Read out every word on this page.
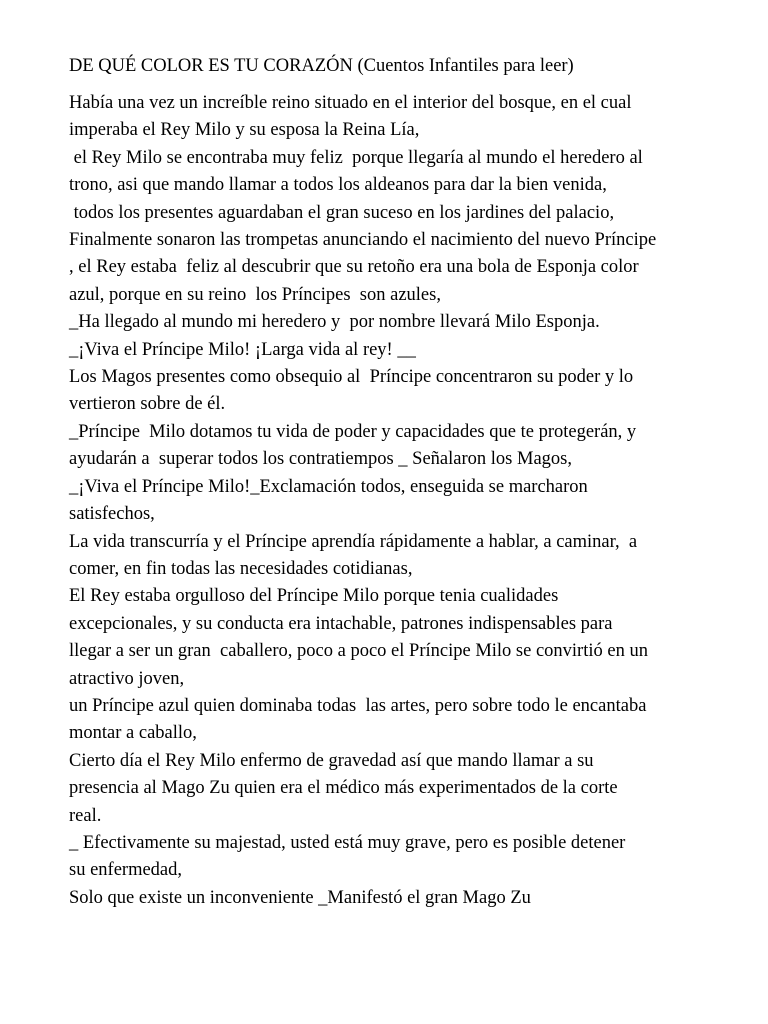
DE QUÉ COLOR ES TU CORAZÓN (Cuentos Infantiles para leer)
Había una vez un increíble reino situado en el interior del bosque, en el cual
imperaba el Rey Milo y su esposa la Reina Lía,
el Rey Milo se encontraba muy feliz  porque llegaría al mundo el heredero al
trono, asi que mando llamar a todos los aldeanos para dar la bien venida,
todos los presentes aguardaban el gran suceso en los jardines del palacio,
Finalmente sonaron las trompetas anunciando el nacimiento del nuevo Príncipe
, el Rey estaba  feliz al descubrir que su retoño era una bola de Esponja color
azul, porque en su reino  los Príncipes  son azules,
_Ha llegado al mundo mi heredero y  por nombre llevará Milo Esponja.
_¡Viva el Príncipe Milo! ¡Larga vida al rey! __
Los Magos presentes como obsequio al  Príncipe concentraron su poder y lo
vertieron sobre de él.
_Príncipe  Milo dotamos tu vida de poder y capacidades que te protegerán, y
ayudarán a  superar todos los contratiempos _ Señalaron los Magos,
_¡Viva el Príncipe Milo!_Exclamación todos, enseguida se marcharon
satisfechos,
La vida transcurría y el Príncipe aprendía rápidamente a hablar, a caminar,  a
comer, en fin todas las necesidades cotidianas,
El Rey estaba orgulloso del Príncipe Milo porque tenia cualidades
excepcionales, y su conducta era intachable, patrones indispensables para
llegar a ser un gran  caballero, poco a poco el Príncipe Milo se convirtió en un
atractivo joven,
un Príncipe azul quien dominaba todas  las artes, pero sobre todo le encantaba
montar a caballo,
Cierto día el Rey Milo enfermo de gravedad así que mando llamar a su
presencia al Mago Zu quien era el médico más experimentados de la corte
real.
_ Efectivamente su majestad, usted está muy grave, pero es posible detener
su enfermedad,
Solo que existe un inconveniente _Manifestó el gran Mago Zu
